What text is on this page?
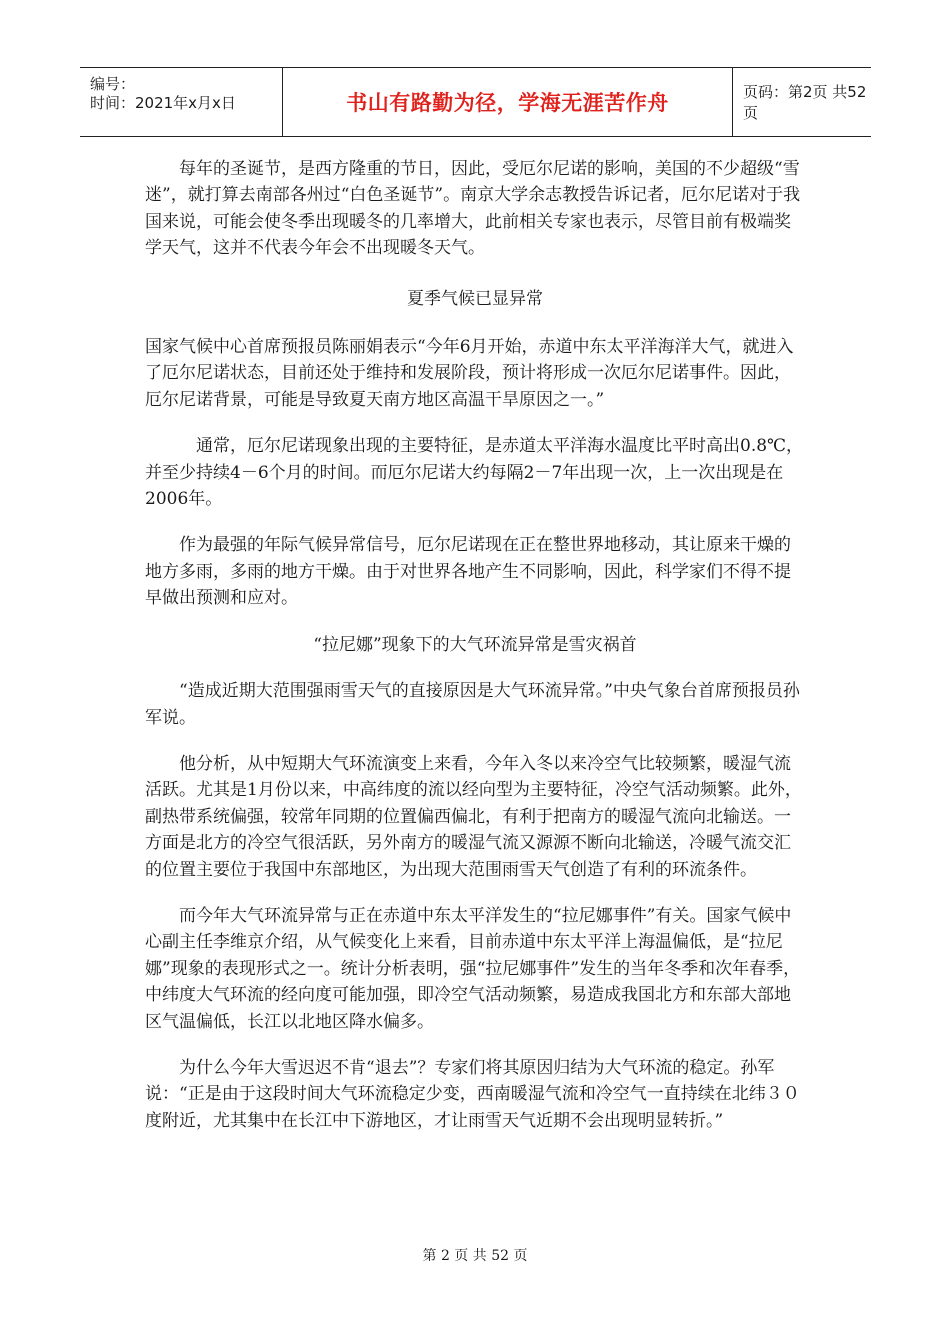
编号：
时间：2021年x月x日	书山有路勤为径，学海无涯苦作舟	页码：第2页 共52页

每年的圣诞节，是西方隆重的节日，因此，受厄尔尼诺的影响，美国的不少超级“雪迷”，就打算去南部各州过“白色圣诞节”。南京大学余志教授告诉记者，厄尔尼诺对于我国来说，可能会使冬季出现暖冬的几率增大，此前相关专家也表示，尽管目前有极端奖学天气，这并不代表今年会不出现暖冬天气。

夏季气候已显异常

国家气候中心首席预报员陈丽娟表示“今年6月开始，赤道中东太平洋海洋大气，就进入了厄尔尼诺状态，目前还处于维持和发展阶段，预计将形成一次厄尔尼诺事件。因此，厄尔尼诺背景，可能是导致夏天南方地区高温干旱原因之一。”

通常，厄尔尼诺现象出现的主要特征，是赤道太平洋海水温度比平时高出0.8℃，并至少持续4－6个月的时间。而厄尔尼诺大约每隔2－7年出现一次，上一次出现是在2006年。

作为最强的年际气候异常信号，厄尔尼诺现在正在整世界地移动，其让原来干燥的地方多雨，多雨的地方干燥。由于对世界各地产生不同影响，因此，科学家们不得不提早做出预测和应对。

“拉尼娜”现象下的大气环流异常是雪灾祸首

“造成近期大范围强雨雪天气的直接原因是大气环流异常。”中央气象台首席预报员孙军说。

他分析，从中短期大气环流演变上来看，今年入冬以来冷空气比较频繁，暖湿气流活跃。尤其是1月份以来，中高纬度的流以经向型为主要特征，冷空气活动频繁。此外，副热带系统偏强，较常年同期的位置偏西偏北，有利于把南方的暖湿气流向北输送。一方面是北方的冷空气很活跃，另外南方的暖湿气流又源源不断向北输送，冷暖气流交汇的位置主要位于我国中东部地区，为出现大范围雨雪天气创造了有利的环流条件。

而今年大气环流异常与正在赤道中东太平洋发生的“拉尼娜事件”有关。国家气候中心副主任李维京介绍，从气候变化上来看，目前赤道中东太平洋上海温偏低，是“拉尼娜”现象的表现形式之一。统计分析表明，强“拉尼娜事件”发生的当年冬季和次年春季，中纬度大气环流的经向度可能加强，即冷空气活动频繁，易造成我国北方和东部大部地区气温偏低，长江以北地区降水偏多。

为什么今年大雪迟迟不肯“退去”？专家们将其原因归结为大气环流的稳定。孙军说：“正是由于这段时间大气环流稳定少变，西南暖湿气流和冷空气一直持续在北纬３０度附近，尤其集中在长江中下游地区，才让雨雪天气近期不会出现明显转折。”

第 2 页 共 52 页
